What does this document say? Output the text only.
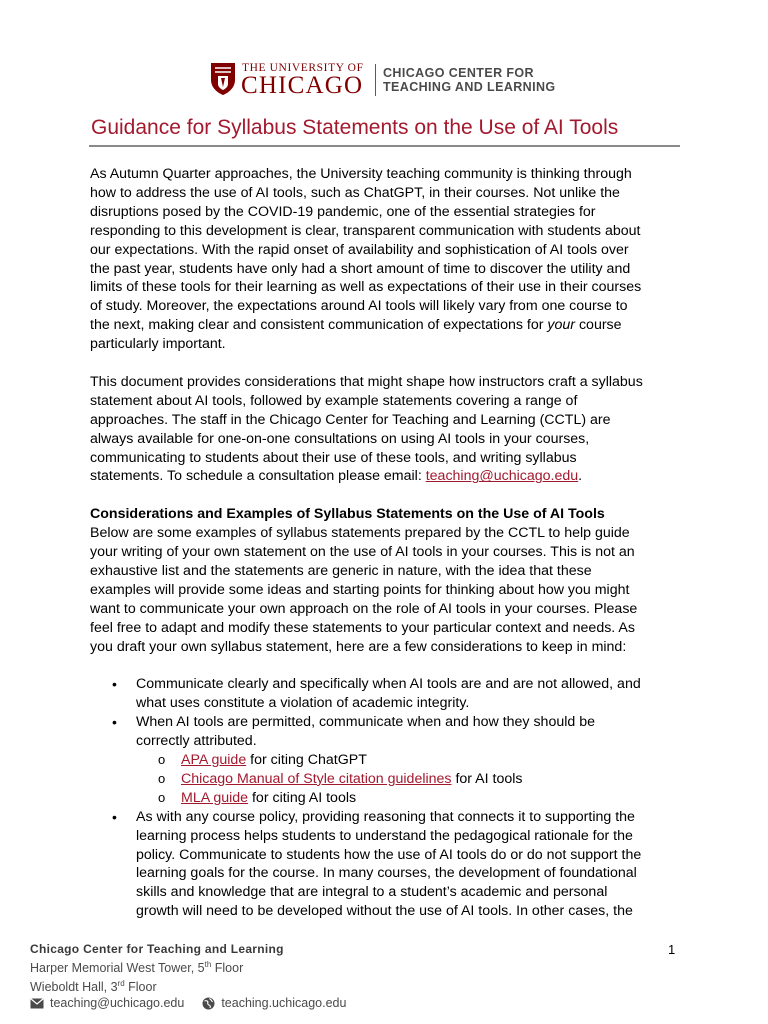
THE UNIVERSITY OF
CHICAGO CHICAGO CENTER FOR
TEACHING AND LEARNING
Guidance for Syllabus Statements on the Use of AI Tools

As Autumn Quarter approaches, the University teaching community is thinking through

how to address the use of AI tools, such as ChatGPT, in their courses. Not unlike the

disruptions posed by the COVID-19 pandemic, one of the essential strategies for

responding to this development is clear, transparent communication with students about

our expectations. With the rapid onset of availability and sophistication of AI tools over

the past year, students have only had a short amount of time to discover the utility and

limits of these tools for their learning as well as expectations of their use in their courses

of study. Moreover, the expectations around AI tools will likely vary from one course to

the next, making clear and consistent communication of expectations for your course

particularly important.

This document provides considerations that might shape how instructors craft a syllabus

statement about AI tools, followed by example statements covering a range of

approaches. The staff in the Chicago Center for Teaching and Learning (CCTL) are

always available for one-on-one consultations on using AI tools in your courses,

communicating to students about their use of these tools, and writing syllabus

statements. To schedule a consultation please email: teaching@uchicago.edu.

Considerations and Examples of Syllabus Statements on the Use of AI Tools

Below are some examples of syllabus statements prepared by the CCTL to help guide

your writing of your own statement on the use of AI tools in your courses. This is not an

exhaustive list and the statements are generic in nature, with the idea that these

examples will provide some ideas and starting points for thinking about how you might

want to communicate your own approach on the role of AI tools in your courses. Please

feel free to adapt and modify these statements to your particular context and needs. As

you draft your own syllabus statement, here are a few considerations to keep in mind:

• Communicate clearly and specifically when AI tools are and are not allowed, and

what uses constitute a violation of academic integrity.

• When AI tools are permitted, communicate when and how they should be

correctly attributed.

o APA guide for citing ChatGPT

o Chicago Manual of Style citation guidelines for AI tools

o MLA guide for citing AI tools

• As with any course policy, providing reasoning that connects it to supporting the

learning process helps students to understand the pedagogical rationale for the

policy. Communicate to students how the use of AI tools do or do not support the

learning goals for the course. In many courses, the development of foundational

skills and knowledge that are integral to a student’s academic and personal

growth will need to be developed without the use of AI tools. In other cases, the

Chicago Center for Teaching and Learning
Harper Memorial West Tower, 5th Floor
Wieboldt Hall, 3rd Floor
teaching@uchicago.edu	teaching.uchicago.edu
1
